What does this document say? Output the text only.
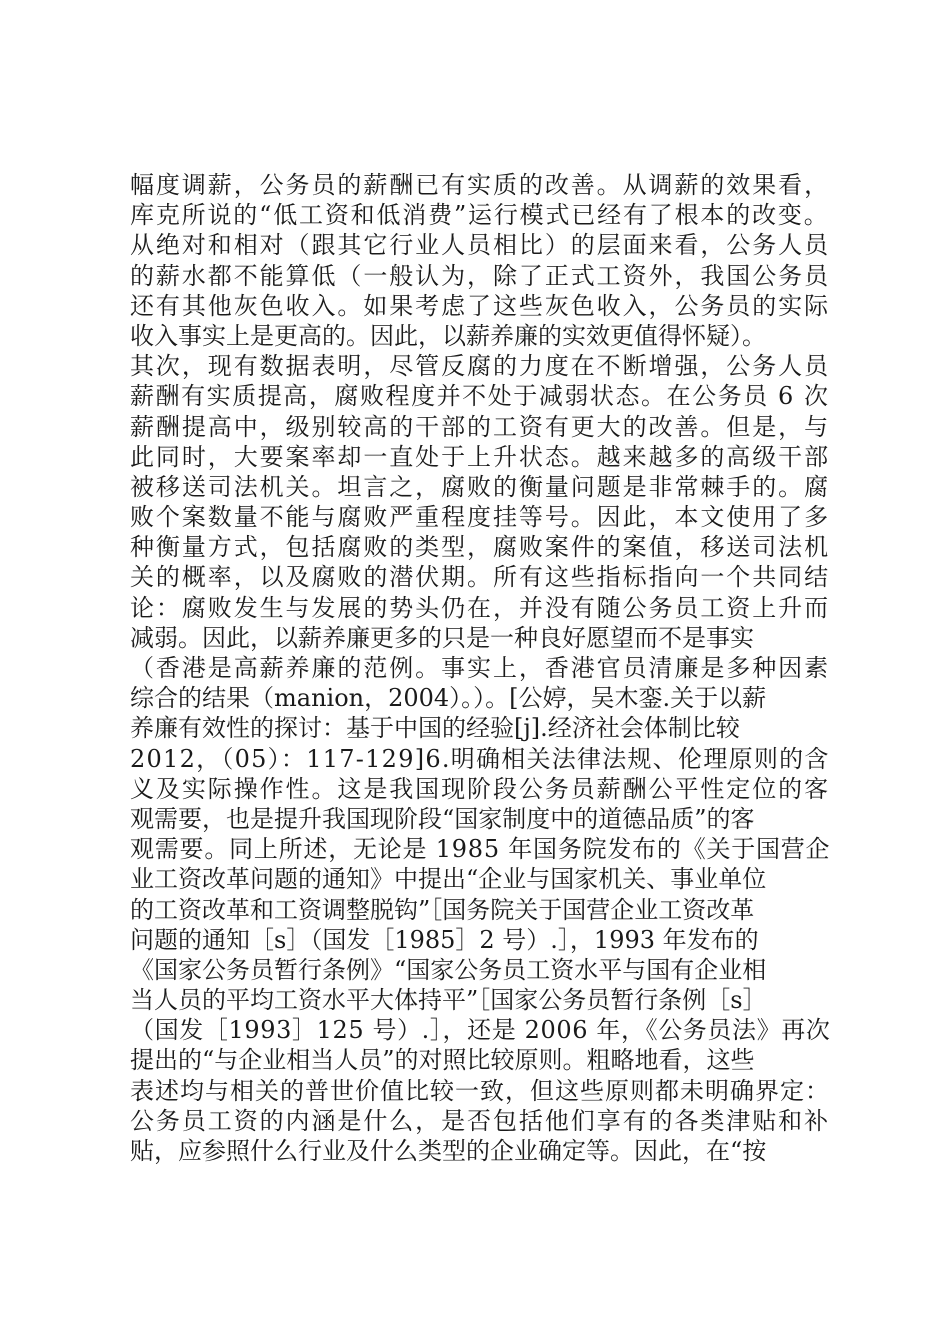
幅度调薪，公务员的薪酬已有实质的改善。从调薪的效果看，
库克所说的“低工资和低消费”运行模式已经有了根本的改变。
从绝对和相对（跟其它行业人员相比）的层面来看，公务人员
的薪水都不能算低（一般认为，除了正式工资外，我国公务员
还有其他灰色收入。如果考虑了这些灰色收入，公务员的实际
收入事实上是更高的。因此，以薪养廉的实效更值得怀疑）。
其次，现有数据表明，尽管反腐的力度在不断增强，公务人员
薪酬有实质提高，腐败程度并不处于减弱状态。在公务员 6 次
薪酬提高中，级别较高的干部的工资有更大的改善。但是，与
此同时，大要案率却一直处于上升状态。越来越多的高级干部
被移送司法机关。坦言之，腐败的衡量问题是非常棘手的。腐
败个案数量不能与腐败严重程度挂等号。因此，本文使用了多
种衡量方式，包括腐败的类型，腐败案件的案值，移送司法机
关的概率，以及腐败的潜伏期。所有这些指标指向一个共同结
论：腐败发生与发展的势头仍在，并没有随公务员工资上升而
减弱。因此，以薪养廉更多的只是一种良好愿望而不是事实
（香港是高薪养廉的范例。事实上，香港官员清廉是多种因素
综合的结果（manion，2004）。）。[公婷，吴木銮.关于以薪
养廉有效性的探讨：基于中国的经验[j].经济社会体制比较
2012，（05）：117-129]6.明确相关法律法规、伦理原则的含
义及实际操作性。这是我国现阶段公务员薪酬公平性定位的客
观需要，也是提升我国现阶段“国家制度中的道德品质”的客
观需要。同上所述，无论是 1985 年国务院发布的《关于国营企
业工资改革问题的通知》中提出“企业与国家机关、事业单位
的工资改革和工资调整脱钩”［国务院关于国营企业工资改革
问题的通知［s］（国发［1985］2 号）.］，1993 年发布的
《国家公务员暂行条例》“国家公务员工资水平与国有企业相
当人员的平均工资水平大体持平”［国家公务员暂行条例［s］
（国发［1993］125 号）.］，还是 2006 年，《公务员法》再次
提出的“与企业相当人员”的对照比较原则。粗略地看，这些
表述均与相关的普世价值比较一致，但这些原则都未明确界定：
公务员工资的内涵是什么，是否包括他们享有的各类津贴和补
贴，应参照什么行业及什么类型的企业确定等。因此，在“按
